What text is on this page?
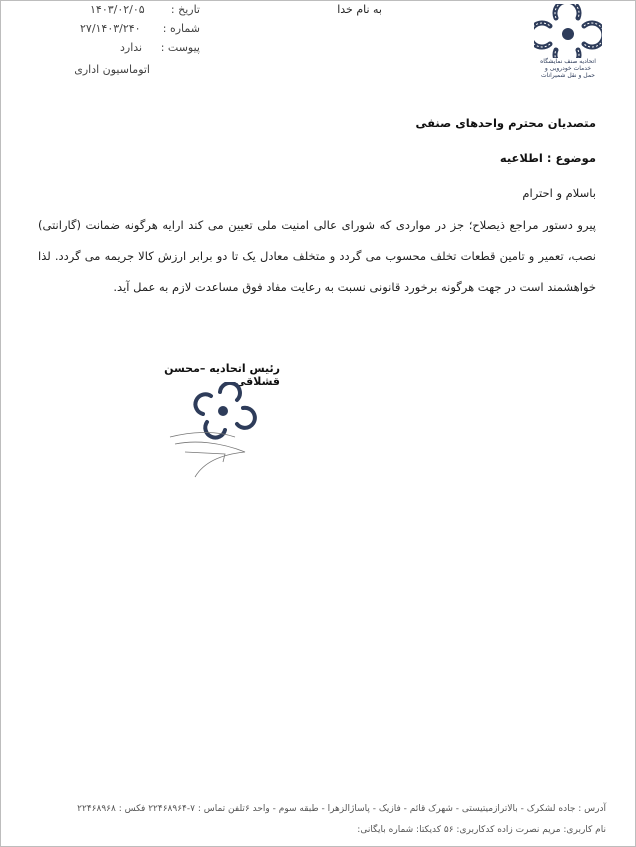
اتحادیه صنف نمایشگاه
خدمات خودرویی و
حمل و نقل شمیرانات
به نام خدا
تاریخ :
۱۴۰۳/۰۲/۰۵
شماره :
۲۷/۱۴۰۳/۲۴۰
پیوست :
ندارد
اتوماسیون اداری
متصدیان محترم واحدهای صنفی
موضوع : اطلاعیه
باسلام و احترام
پیرو دستور مراجع ذیصلاح؛ جز در مواردی که شورای عالی امنیت ملی تعیین می کند ارایه هرگونه ضمانت (گارانتی) نصب، تعمیر و تامین قطعات تخلف محسوب می گردد و متخلف معادل یک تا دو برابر ارزش کالا جریمه می گردد. لذا خواهشمند است در جهت هرگونه برخورد قانونی نسبت به رعایت مفاد فوق مساعدت لازم به عمل آید.
رئیس اتحادیه –محسن قشلاقی
آدرس : جاده لشکرک - بالاترازمیتیستی - شهرک قائم - فازیک - پاساژالزهرا - طبقه سوم - واحد ۶تلفن تماس : ۷-۲۲۴۶۸۹۶۴ فکس : ۲۲۴۶۸۹۶۸
نام کاربری: مریم نصرت زاده کدکاربری: ۵۶ کدیکتا: شماره بایگانی:
